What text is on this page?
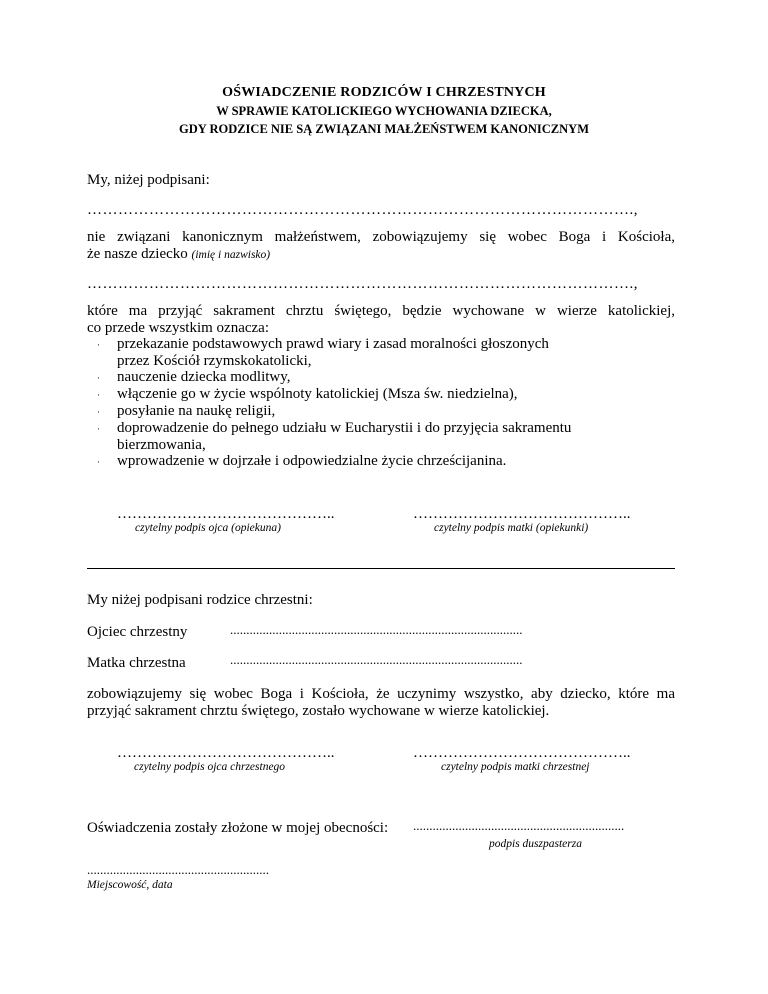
OŚWIADCZENIE RODZICÓW I CHRZESTNYCH
W SPRAWIE KATOLICKIEGO WYCHOWANIA DZIECKA,
GDY RODZICE NIE SĄ ZWIĄZANI MAŁŻEŃSTWEM KANONICZNYM
My, niżej podpisani:
…………………………………………………………………………………………….,
nie związani kanonicznym małżeństwem, zobowiązujemy się wobec Boga i Kościoła,
że nasze dziecko (imię i nazwisko)
…………………………………………………………………………………………….,
które ma przyjąć sakrament chrztu świętego, będzie wychowane w wierze katolickiej,
co przede wszystkim oznacza:
· przekazanie podstawowych prawd wiary i zasad moralności głoszonych
przez Kościół rzymskokatolicki,
· nauczenie dziecka modlitwy,
· włączenie go w życie wspólnoty katolickiej (Msza św. niedzielna),
· posyłanie na naukę religii,
· doprowadzenie do pełnego udziału w Eucharystii i do przyjęcia sakramentu
bierzmowania,
· wprowadzenie w dojrzałe i odpowiedzialne życie chrześcijanina.
……………………………………..
czytelny podpis ojca (opiekuna)
……………………………………..
czytelny podpis matki (opiekunki)
My niżej podpisani rodzice chrzestni:
Ojciec chrzestny	..........................................................................................
Matka chrzestna	..........................................................................................
zobowiązujemy się wobec Boga i Kościoła, że uczynimy wszystko, aby dziecko, które ma
przyjąć sakrament chrztu świętego, zostało wychowane w wierze katolickiej.
……………………………………..
czytelny podpis ojca chrzestnego
……………………………………..
czytelny podpis matki chrzestnej
Oświadczenia zostały złożone w mojej obecności: .................................................................
podpis duszpasterza
........................................................
Miejscowość, data
